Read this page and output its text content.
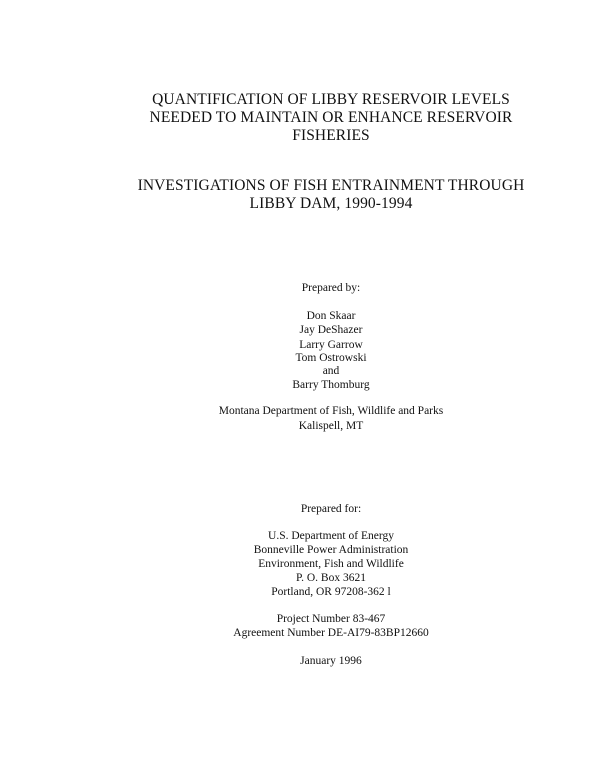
QUANTIFICATION OF LIBBY RESERVOIR LEVELS
NEEDED TO MAINTAIN OR ENHANCE RESERVOIR
FISHERIES
INVESTIGATIONS OF FISH ENTRAINMENT THROUGH
LIBBY DAM, 1990-1994
Prepared by:
Don Skaar
Jay DeShazer
Larry Garrow
Tom Ostrowski
and
Barry Thomburg
Montana Department of Fish, Wildlife and Parks
Kalispell, MT
Prepared for:
U.S. Department of Energy
Bonneville Power Administration
Environment, Fish and Wildlife
P. O. Box 3621
Portland, OR 97208-362 l
Project Number 83-467
Agreement Number DE-AI79-83BP12660
January 1996
